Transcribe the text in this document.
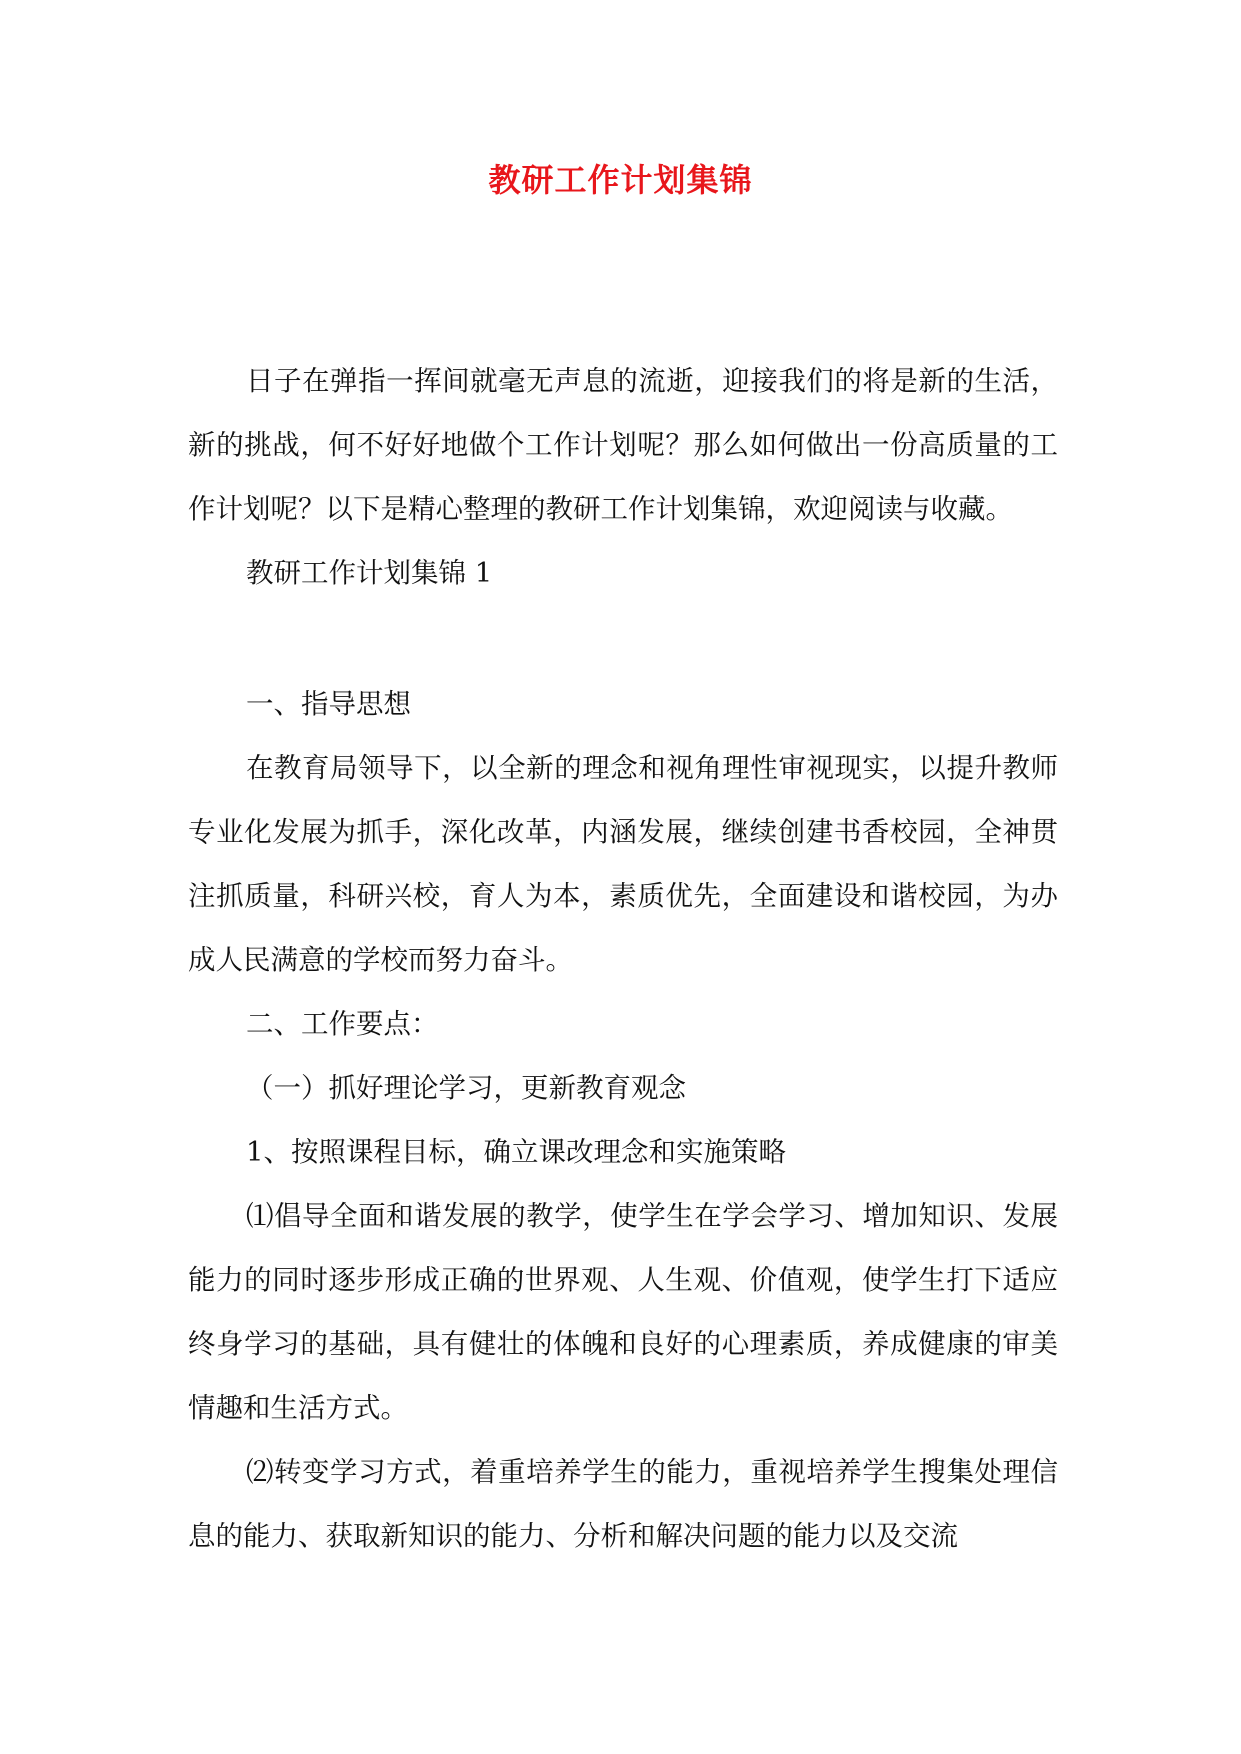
教研工作计划集锦

日子在弹指一挥间就毫无声息的流逝，迎接我们的将是新的生活，新的挑战，何不好好地做个工作计划呢？那么如何做出一份高质量的工作计划呢？以下是精心整理的教研工作计划集锦，欢迎阅读与收藏。

教研工作计划集锦 1

一、指导思想

在教育局领导下，以全新的理念和视角理性审视现实，以提升教师专业化发展为抓手，深化改革，内涵发展，继续创建书香校园，全神贯注抓质量，科研兴校，育人为本，素质优先，全面建设和谐校园，为办成人民满意的学校而努力奋斗。

二、工作要点：

（一）抓好理论学习，更新教育观念

1、按照课程目标，确立课改理念和实施策略

⑴倡导全面和谐发展的教学，使学生在学会学习、增加知识、发展能力的同时逐步形成正确的世界观、人生观、价值观，使学生打下适应终身学习的基础，具有健壮的体魄和良好的心理素质，养成健康的审美情趣和生活方式。

⑵转变学习方式，着重培养学生的能力，重视培养学生搜集处理信息的能力、获取新知识的能力、分析和解决问题的能力以及交流
